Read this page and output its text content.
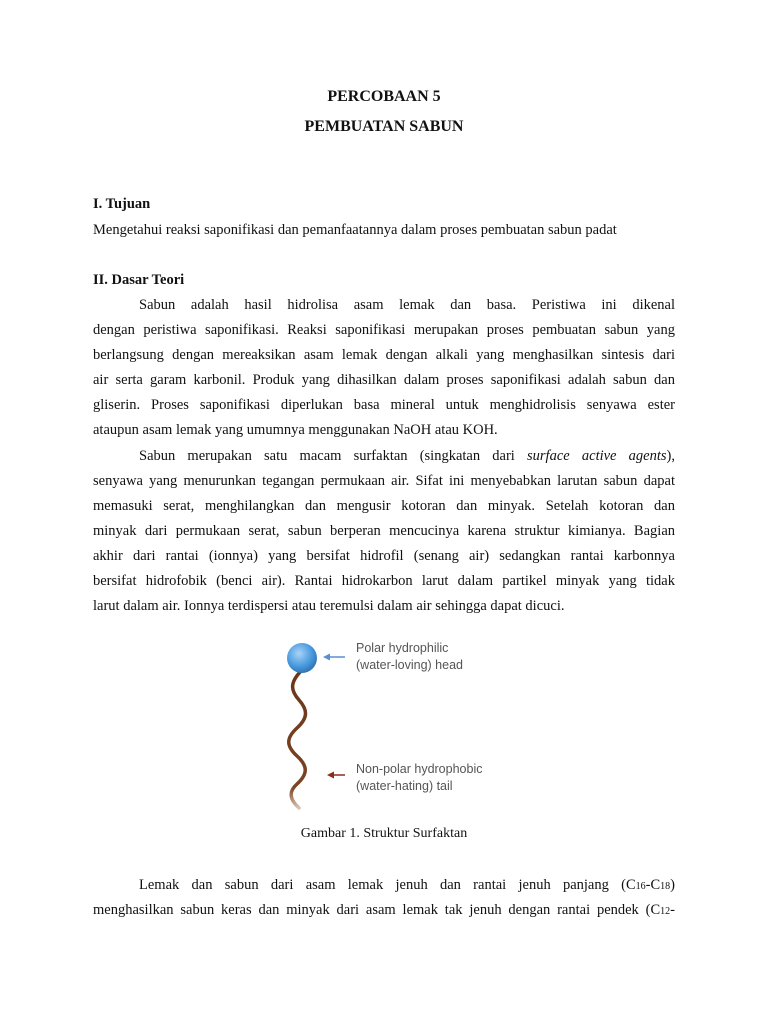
PERCOBAAN 5
PEMBUATAN SABUN
I. Tujuan
Mengetahui reaksi saponifikasi dan pemanfaatannya dalam proses pembuatan sabun padat
II. Dasar Teori
Sabun adalah hasil hidrolisa asam lemak dan basa. Peristiwa ini dikenal
dengan peristiwa saponifikasi. Reaksi saponifikasi merupakan proses pembuatan sabun yang
berlangsung dengan mereaksikan asam lemak dengan alkali yang menghasilkan sintesis dari
air serta garam karbonil. Produk yang dihasilkan dalam proses saponifikasi adalah sabun dan
gliserin. Proses saponifikasi diperlukan basa mineral untuk menghidrolisis senyawa ester
ataupun asam lemak yang umumnya menggunakan NaOH atau KOH.
Sabun merupakan satu macam surfaktan (singkatan dari surface active agents),
senyawa yang menurunkan tegangan permukaan air. Sifat ini menyebabkan larutan sabun dapat
memasuki serat, menghilangkan dan mengusir kotoran dan minyak. Setelah kotoran dan
minyak dari permukaan serat, sabun berperan mencucinya karena struktur kimianya. Bagian
akhir dari rantai (ionnya) yang bersifat hidrofil (senang air) sedangkan rantai karbonnya
bersifat hidrofobik (benci air). Rantai hidrokarbon larut dalam partikel minyak yang tidak
larut dalam air. Ionnya terdispersi atau teremulsi dalam air sehingga dapat dicuci.
Polar hydrophilic
(water-loving) head
Non-polar hydrophobic
(water-hating) tail
Gambar 1. Struktur Surfaktan
Lemak dan sabun dari asam lemak jenuh dan rantai jenuh panjang (C16-C18)
menghasilkan sabun keras dan minyak dari asam lemak tak jenuh dengan rantai pendek (C12-
